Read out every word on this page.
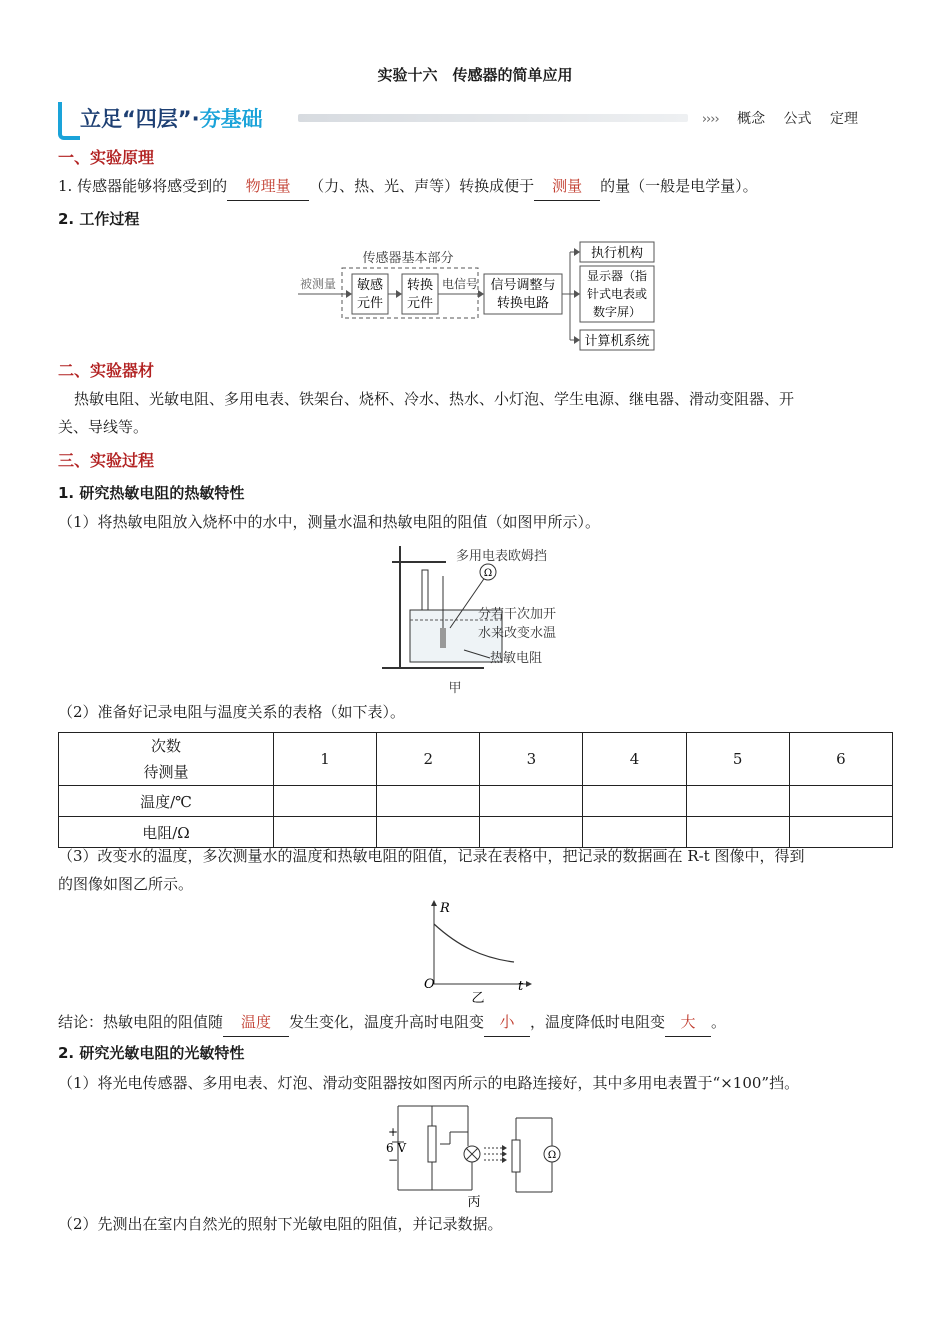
实验十六　传感器的简单应用
立足“四层”·夯基础	›››› 概念 公式 定理
一、实验原理
1. 传感器能够将感受到的 物理量 （力、热、光、声等）转换成便于 测量 的量（一般是电学量）。
2. 工作过程
传感器基本部分
被测量 敏感
元件
转换
元件
电信号 信号调整与
转换电路
执行机构
显示器（指
针式电表或
数字屏）
计算机系统
二、实验器材
热敏电阻、光敏电阻、多用电表、铁架台、烧杯、冷水、热水、小灯泡、学生电源、继电器、滑动变阻器、开
关、导线等。
三、实验过程
1. 研究热敏电阻的热敏特性
（1）将热敏电阻放入烧杯中的水中，测量水温和热敏电阻的阻值（如图甲所示）。
Ω
多用电表欧姆挡
分若干次加开
水来改变水温
热敏电阻
甲
（2）准备好记录电阻与温度关系的表格（如下表）。
次数
待测量	1	2	3	4	5	6
温度/℃						
电阻/Ω						
（3）改变水的温度，多次测量水的温度和热敏电阻的阻值，记录在表格中，把记录的数据画在 R-t 图像中，得到
的图像如图乙所示。
R
t
O
乙
结论：热敏电阻的阻值随 温度 发生变化，温度升高时电阻变 小 ，温度降低时电阻变 大 。
2. 研究光敏电阻的光敏特性
（1）将光电传感器、多用电表、灯泡、滑动变阻器按如图丙所示的电路连接好，其中多用电表置于“×100”挡。
+
6 V
−	Ω
丙
（2）先测出在室内自然光的照射下光敏电阻的阻值，并记录数据。
